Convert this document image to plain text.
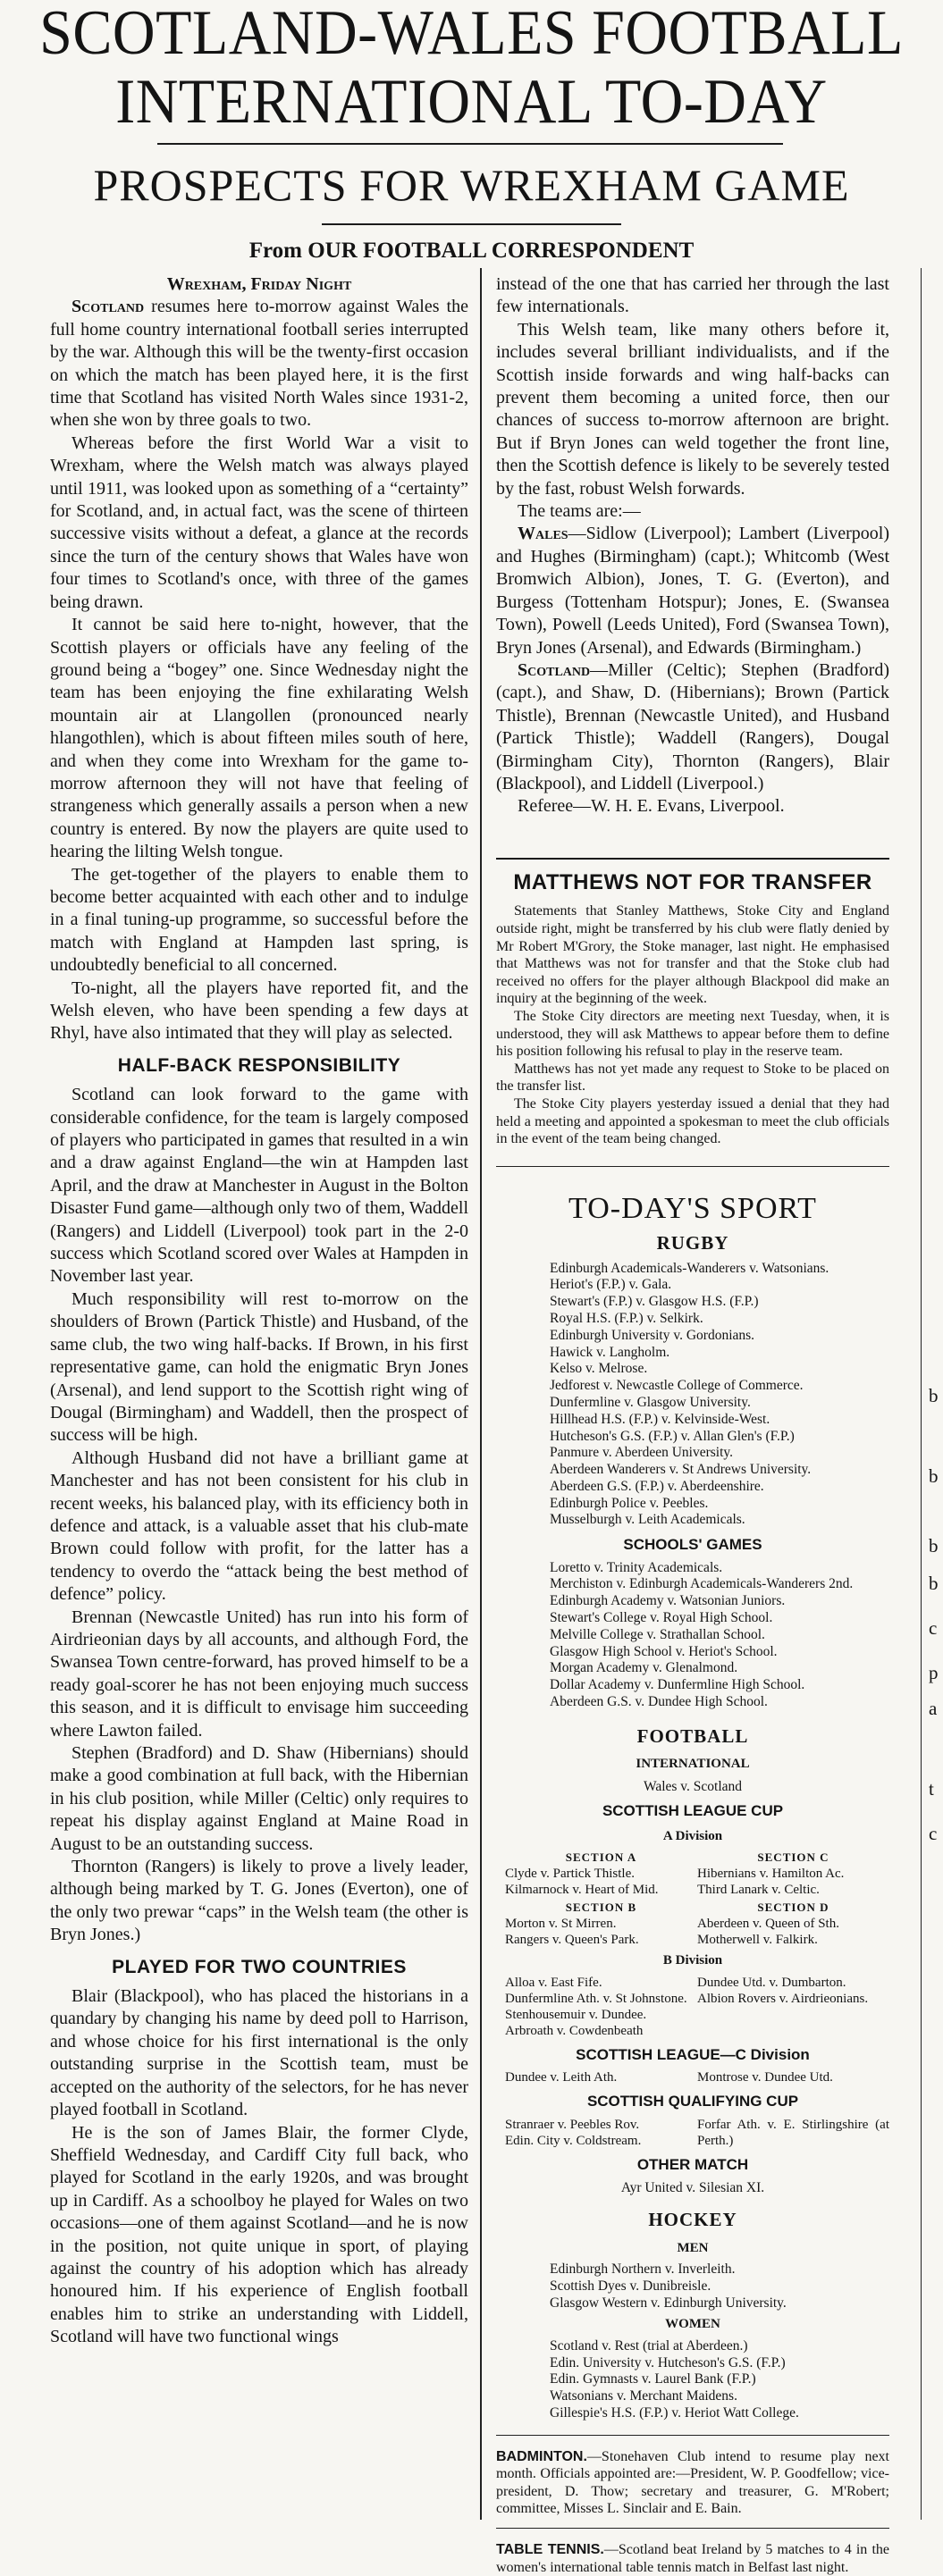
SCOTLAND-WALES FOOTBALL
INTERNATIONAL TO-DAY
PROSPECTS FOR WREXHAM GAME
From OUR FOOTBALL CORRESPONDENT

Wrexham, Friday Night

Scotland resumes here to-morrow against Wales the full home country international football series interrupted by the war. Although this will be the twenty-first occasion on which the match has been played here, it is the first time that Scotland has visited North Wales since 1931-2, when she won by three goals to two.

Whereas before the first World War a visit to Wrexham, where the Welsh match was always played until 1911, was looked upon as something of a “certainty” for Scotland, and, in actual fact, was the scene of thirteen successive visits without a defeat, a glance at the records since the turn of the century shows that Wales have won four times to Scotland's once, with three of the games being drawn.

It cannot be said here to-night, however, that the Scottish players or officials have any feeling of the ground being a “bogey” one. Since Wednesday night the team has been enjoying the fine exhilarating Welsh mountain air at Llangollen (pronounced nearly hlangothlen), which is about fifteen miles south of here, and when they come into Wrexham for the game to-morrow afternoon they will not have that feeling of strangeness which generally assails a person when a new country is entered. By now the players are quite used to hearing the lilting Welsh tongue.

The get-together of the players to enable them to become better acquainted with each other and to indulge in a final tuning-up programme, so successful before the match with England at Hampden last spring, is undoubtedly beneficial to all concerned.

To-night, all the players have reported fit, and the Welsh eleven, who have been spending a few days at Rhyl, have also intimated that they will play as selected.

HALF-BACK RESPONSIBILITY

Scotland can look forward to the game with considerable confidence, for the team is largely composed of players who participated in games that resulted in a win and a draw against England—the win at Hampden last April, and the draw at Manchester in August in the Bolton Disaster Fund game—although only two of them, Waddell (Rangers) and Liddell (Liverpool) took part in the 2-0 success which Scotland scored over Wales at Hampden in November last year.

Much responsibility will rest to-morrow on the shoulders of Brown (Partick Thistle) and Husband, of the same club, the two wing half-backs. If Brown, in his first representative game, can hold the enigmatic Bryn Jones (Arsenal), and lend support to the Scottish right wing of Dougal (Birmingham) and Waddell, then the prospect of success will be high.

Although Husband did not have a brilliant game at Manchester and has not been consistent for his club in recent weeks, his balanced play, with its efficiency both in defence and attack, is a valuable asset that his club-mate Brown could follow with profit, for the latter has a tendency to overdo the “attack being the best method of defence” policy.

Brennan (Newcastle United) has run into his form of Airdrieonian days by all accounts, and although Ford, the Swansea Town centre-forward, has proved himself to be a ready goal-scorer he has not been enjoying much success this season, and it is difficult to envisage him succeeding where Lawton failed.

Stephen (Bradford) and D. Shaw (Hibernians) should make a good combination at full back, with the Hibernian in his club position, while Miller (Celtic) only requires to repeat his display against England at Maine Road in August to be an outstanding success.

Thornton (Rangers) is likely to prove a lively leader, although being marked by T. G. Jones (Everton), one of the only two prewar “caps” in the Welsh team (the other is Bryn Jones.)

PLAYED FOR TWO COUNTRIES

Blair (Blackpool), who has placed the historians in a quandary by changing his name by deed poll to Harrison, and whose choice for his first international is the only outstanding surprise in the Scottish team, must be accepted on the authority of the selectors, for he has never played football in Scotland.

He is the son of James Blair, the former Clyde, Sheffield Wednesday, and Cardiff City full back, who played for Scotland in the early 1920s, and was brought up in Cardiff. As a schoolboy he played for Wales on two occasions—one of them against Scotland—and he is now in the position, not quite unique in sport, of playing against the country of his adoption which has already honoured him. If his experience of English football enables him to strike an understanding with Liddell, Scotland will have two functional wings

instead of the one that has carried her through the last few internationals.

This Welsh team, like many others before it, includes several brilliant individualists, and if the Scottish inside forwards and wing half-backs can prevent them becoming a united force, then our chances of success to-morrow afternoon are bright. But if Bryn Jones can weld together the front line, then the Scottish defence is likely to be severely tested by the fast, robust Welsh forwards.

The teams are:—

Wales—Sidlow (Liverpool); Lambert (Liverpool) and Hughes (Birmingham) (capt.); Whitcomb (West Bromwich Albion), Jones, T. G. (Everton), and Burgess (Tottenham Hotspur); Jones, E. (Swansea Town), Powell (Leeds United), Ford (Swansea Town), Bryn Jones (Arsenal), and Edwards (Birmingham.)

Scotland—Miller (Celtic); Stephen (Bradford) (capt.), and Shaw, D. (Hibernians); Brown (Partick Thistle), Brennan (Newcastle United), and Husband (Partick Thistle); Waddell (Rangers), Dougal (Birmingham City), Thornton (Rangers), Blair (Blackpool), and Liddell (Liverpool.)

Referee—W. H. E. Evans, Liverpool.

MATTHEWS NOT FOR TRANSFER

Statements that Stanley Matthews, Stoke City and England outside right, might be transferred by his club were flatly denied by Mr Robert M'Grory, the Stoke manager, last night. He emphasised that Matthews was not for transfer and that the Stoke club had received no offers for the player although Blackpool did make an inquiry at the beginning of the week.

The Stoke City directors are meeting next Tuesday, when, it is understood, they will ask Matthews to appear before them to define his position following his refusal to play in the reserve team.

Matthews has not yet made any request to Stoke to be placed on the transfer list.

The Stoke City players yesterday issued a denial that they had held a meeting and appointed a spokesman to meet the club officials in the event of the team being changed.

TO-DAY'S SPORT
RUGBY
Edinburgh Academicals-Wanderers v. Watsonians.
Heriot's (F.P.) v. Gala.
Stewart's (F.P.) v. Glasgow H.S. (F.P.)
Royal H.S. (F.P.) v. Selkirk.
Edinburgh University v. Gordonians.
Hawick v. Langholm.
Kelso v. Melrose.
Jedforest v. Newcastle College of Commerce.
Dunfermline v. Glasgow University.
Hillhead H.S. (F.P.) v. Kelvinside-West.
Hutcheson's G.S. (F.P.) v. Allan Glen's (F.P.)
Panmure v. Aberdeen University.
Aberdeen Wanderers v. St Andrews University.
Aberdeen G.S. (F.P.) v. Aberdeenshire.
Edinburgh Police v. Peebles.
Musselburgh v. Leith Academicals.
SCHOOLS' GAMES
Loretto v. Trinity Academicals.
Merchiston v. Edinburgh Academicals-Wanderers 2nd.
Edinburgh Academy v. Watsonian Juniors.
Stewart's College v. Royal High School.
Melville College v. Strathallan School.
Glasgow High School v. Heriot's School.
Morgan Academy v. Glenalmond.
Dollar Academy v. Dunfermline High School.
Aberdeen G.S. v. Dundee High School.
FOOTBALL
INTERNATIONAL
Wales v. Scotland
SCOTTISH LEAGUE CUP
A Division
SECTION A
Clyde v. Partick Thistle.
Kilmarnock v. Heart of Mid.
SECTION C
Hibernians v. Hamilton Ac.
Third Lanark v. Celtic.
SECTION B
Morton v. St Mirren.
Rangers v. Queen's Park.
SECTION D
Aberdeen v. Queen of Sth.
Motherwell v. Falkirk.
B Division
Alloa v. East Fife.
Dunfermline Ath. v. St Johnstone.
Stenhousemuir v. Dundee.
Arbroath v. Cowdenbeath
Dundee Utd. v. Dumbarton.
Albion Rovers v. Airdrieonians.
SCOTTISH LEAGUE—C Division
Dundee v. Leith Ath.	Montrose v. Dundee Utd.
SCOTTISH QUALIFYING CUP
Stranraer v. Peebles Rov.
Edin. City v. Coldstream.
Forfar Ath. v. E. Stirlingshire (at Perth.)
OTHER MATCH
Ayr United v. Silesian XI.
HOCKEY
MEN
Edinburgh Northern v. Inverleith.
Scottish Dyes v. Dunibreisle.
Glasgow Western v. Edinburgh University.
WOMEN
Scotland v. Rest (trial at Aberdeen.)
Edin. University v. Hutcheson's G.S. (F.P.)
Edin. Gymnasts v. Laurel Bank (F.P.)
Watsonians v. Merchant Maidens.
Gillespie's H.S. (F.P.) v. Heriot Watt College.
BADMINTON.—Stonehaven Club intend to resume play next month. Officials appointed are:—President, W. P. Goodfellow; vice-president, D. Thow; secretary and treasurer, G. M'Robert; committee, Misses L. Sinclair and E. Bain.
TABLE TENNIS.—Scotland beat Ireland by 5 matches to 4 in the women's international table tennis match in Belfast last night.
b
b
b
b
c
p
a
t
c
